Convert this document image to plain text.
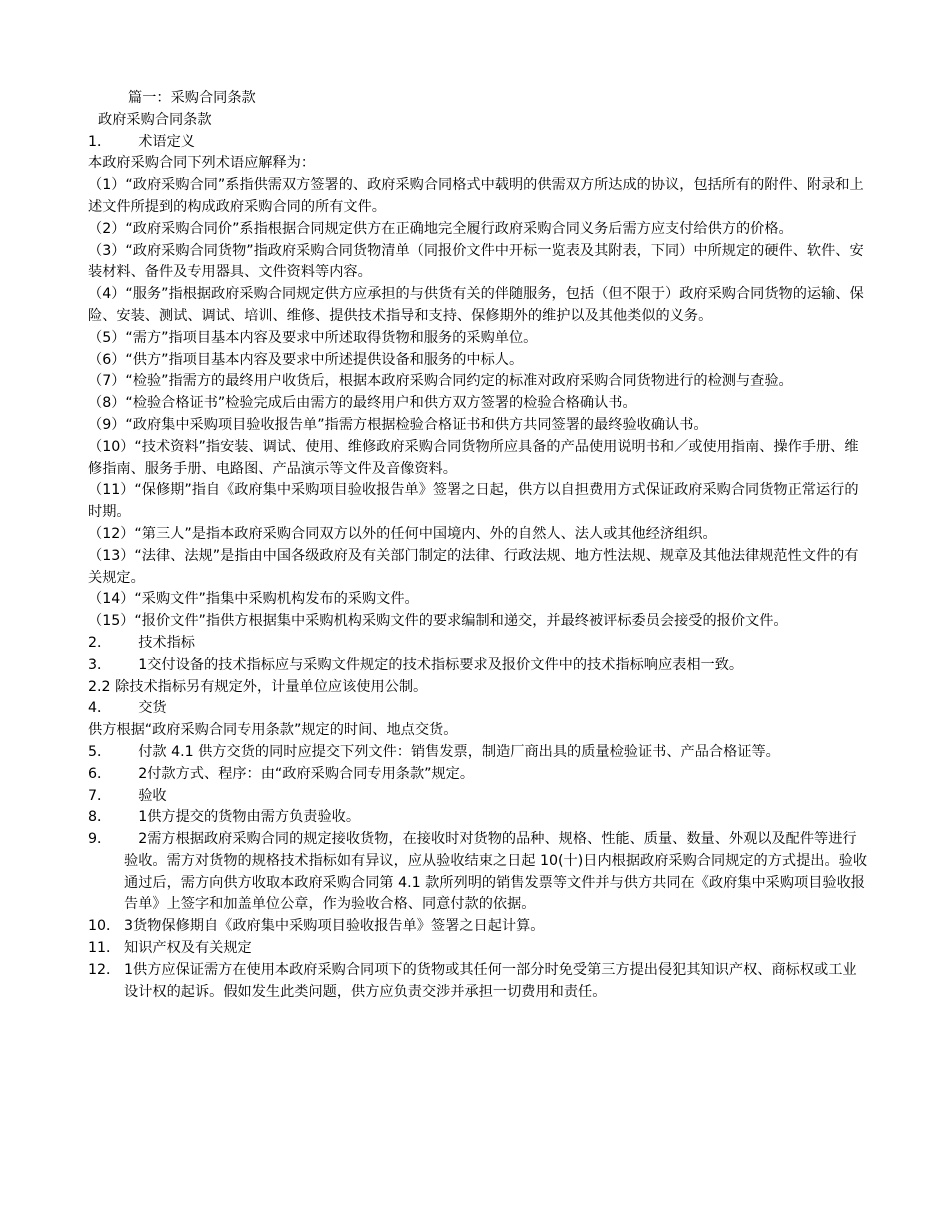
篇一：采购合同条款

政府采购合同条款

1． 　术语定义

本政府采购合同下列术语应解释为：

（1）“政府采购合同”系指供需双方签署的、政府采购合同格式中载明的供需双方所达成的协议，包括所有的附件、附录和上述文件所提到的构成政府采购合同的所有文件。

（2）“政府采购合同价”系指根据合同规定供方在正确地完全履行政府采购合同义务后需方应支付给供方的价格。

（3）“政府采购合同货物”指政府采购合同货物清单（同报价文件中开标一览表及其附表，下同）中所规定的硬件、软件、安装材料、备件及专用器具、文件资料等内容。

（4）“服务”指根据政府采购合同规定供方应承担的与供货有关的伴随服务，包括（但不限于）政府采购合同货物的运输、保险、安装、测试、调试、培训、维修、提供技术指导和支持、保修期外的维护以及其他类似的义务。

（5）“需方”指项目基本内容及要求中所述取得货物和服务的采购单位。

（6）“供方”指项目基本内容及要求中所述提供设备和服务的中标人。

（7）“检验”指需方的最终用户收货后，根据本政府采购合同约定的标准对政府采购合同货物进行的检测与查验。

（8）“检验合格证书”检验完成后由需方的最终用户和供方双方签署的检验合格确认书。

（9）“政府集中采购项目验收报告单”指需方根据检验合格证书和供方共同签署的最终验收确认书。

（10）“技术资料”指安装、调试、使用、维修政府采购合同货物所应具备的产品使用说明书和／或使用指南、操作手册、维修指南、服务手册、电路图、产品演示等文件及音像资料。

（11）“保修期”指自《政府集中采购项目验收报告单》签署之日起，供方以自担费用方式保证政府采购合同货物正常运行的时期。

（12）“第三人”是指本政府采购合同双方以外的任何中国境内、外的自然人、法人或其他经济组织。

（13）“法律、法规”是指由中国各级政府及有关部门制定的法律、行政法规、地方性法规、规章及其他法律规范性文件的有关规定。

（14）“采购文件”指集中采购机构发布的采购文件。

（15）“报价文件”指供方根据集中采购机构采购文件的要求编制和递交，并最终被评标委员会接受的报价文件。

2． 　技术指标
3． 　1交付设备的技术指标应与采购文件规定的技术指标要求及报价文件中的技术指标响应表相一致。

2.2 除技术指标另有规定外，计量单位应该使用公制。

4． 　交货

供方根据“政府采购合同专用条款”规定的时间、地点交货。

5． 　付款 4.1 供方交货的同时应提交下列文件：销售发票，制造厂商出具的质量检验证书、产品合格证等。
6． 　2付款方式、程序：由“政府采购合同专用条款”规定。
7． 　验收
8． 　1供方提交的货物由需方负责验收。
9． 　2需方根据政府采购合同的规定接收货物，在接收时对货物的品种、规格、性能、质量、数量、外观以及配件等进行验收。需方对货物的规格技术指标如有异议，应从验收结束之日起 10(十)日内根据政府采购合同规定的方式提出。验收通过后，需方向供方收取本政府采购合同第 4.1 款所列明的销售发票等文件并与供方共同在《政府集中采购项目验收报告单》上签字和加盖单位公章，作为验收合格、同意付款的依据。
10． 3货物保修期自《政府集中采购项目验收报告单》签署之日起计算。
11． 知识产权及有关规定
12． 1供方应保证需方在使用本政府采购合同项下的货物或其任何一部分时免受第三方提出侵犯其知识产权、商标权或工业设计权的起诉。假如发生此类问题，供方应负责交涉并承担一切费用和责任。
